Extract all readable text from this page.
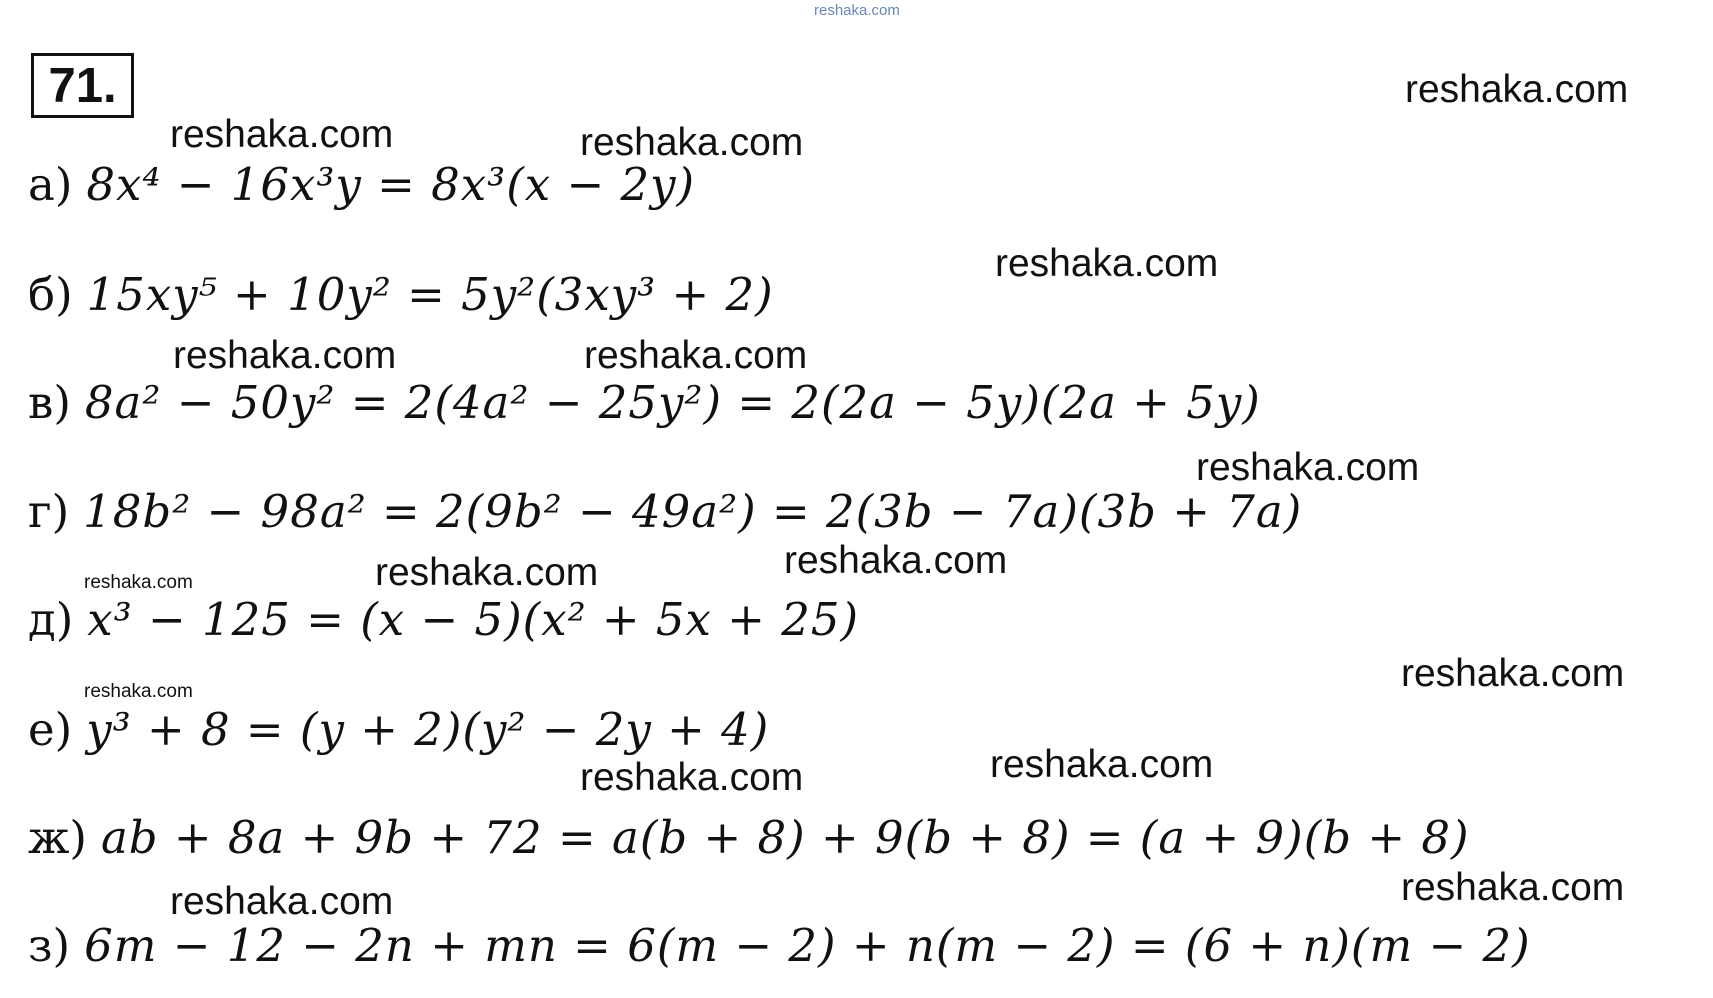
reshaka.com
71.	reshaka.com
reshaka.com	reshaka.com
reshaka.com
reshaka.com	reshaka.com
reshaka.com
reshaka.com	reshaka.com	reshaka.com
reshaka.com
reshaka.com
reshaka.com
reshaka.com
reshaka.com
reshaka.com
а) 8x⁴ − 16x³y = 8x³(x − 2y)
б) 15xy⁵ + 10y² = 5y²(3xy³ + 2)
в) 8a² − 50y² = 2(4a² − 25y²) = 2(2a − 5y)(2a + 5y)
г) 18b² − 98a² = 2(9b² − 49a²) = 2(3b − 7a)(3b + 7a)
д) x³ − 125 = (x − 5)(x² + 5x + 25)
е) y³ + 8 = (y + 2)(y² − 2y + 4)
ж) ab + 8a + 9b + 72 = a(b + 8) + 9(b + 8) = (a + 9)(b + 8)
з) 6m − 12 − 2n + mn = 6(m − 2) + n(m − 2) = (6 + n)(m − 2)
